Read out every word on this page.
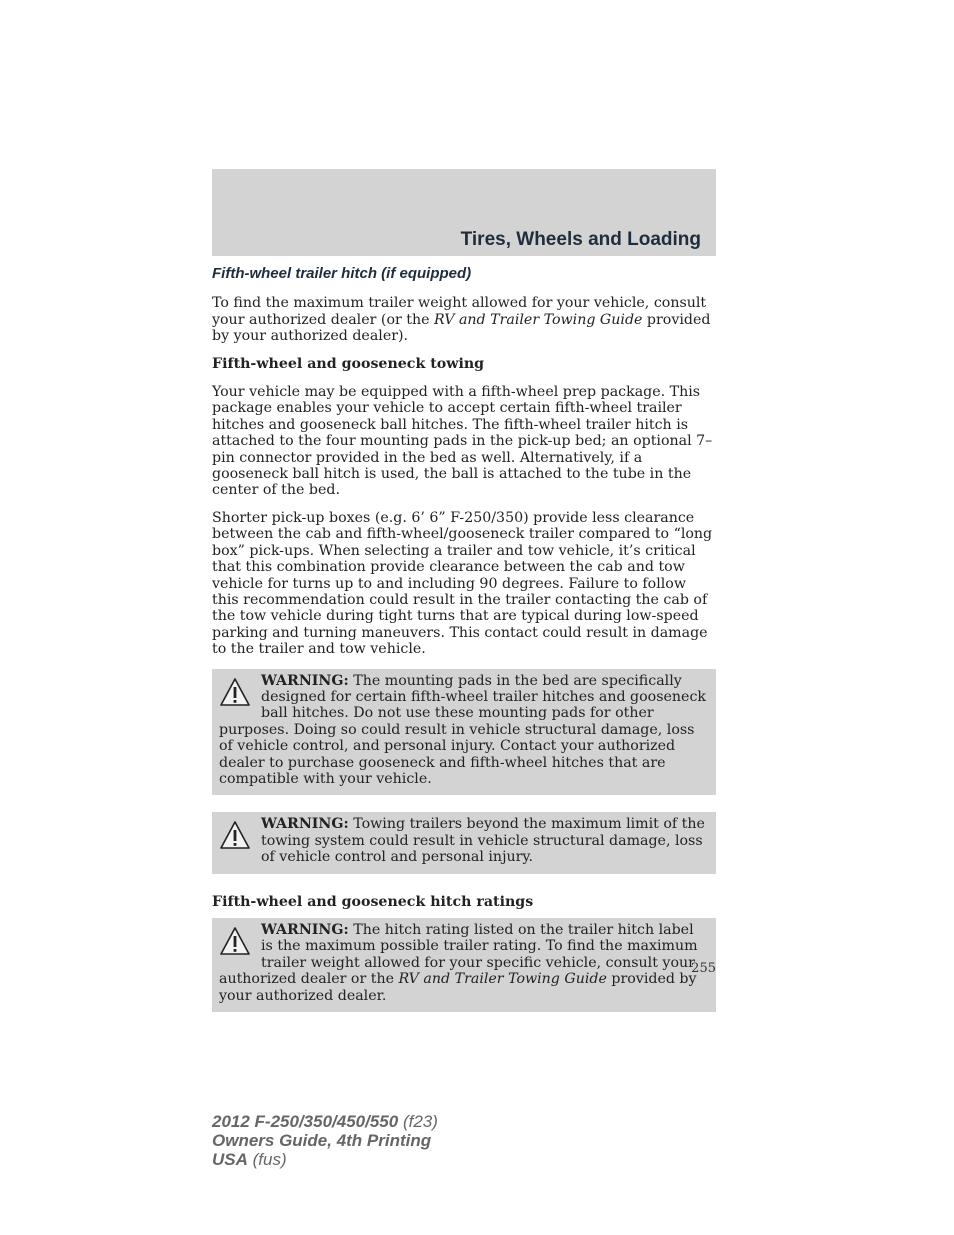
Tires, Wheels and Loading
Fifth-wheel trailer hitch (if equipped)

To find the maximum trailer weight allowed for your vehicle, consult your authorized dealer (or the RV and Trailer Towing Guide provided by your authorized dealer).

Fifth-wheel and gooseneck towing

Your vehicle may be equipped with a fifth-wheel prep package. This package enables your vehicle to accept certain fifth-wheel trailer hitches and gooseneck ball hitches. The fifth-wheel trailer hitch is attached to the four mounting pads in the pick-up bed; an optional 7–pin connector provided in the bed as well. Alternatively, if a gooseneck ball hitch is used, the ball is attached to the tube in the center of the bed.

Shorter pick-up boxes (e.g. 6’ 6” F-250/350) provide less clearance between the cab and fifth-wheel/gooseneck trailer compared to “long box” pick-ups. When selecting a trailer and tow vehicle, it’s critical that this combination provide clearance between the cab and tow vehicle for turns up to and including 90 degrees. Failure to follow this recommendation could result in the trailer contacting the cab of the tow vehicle during tight turns that are typical during low-speed parking and turning maneuvers. This contact could result in damage to the trailer and tow vehicle.

WARNING: The mounting pads in the bed are specifically designed for certain fifth-wheel trailer hitches and gooseneck ball hitches. Do not use these mounting pads for other purposes. Doing so could result in vehicle structural damage, loss of vehicle control, and personal injury. Contact your authorized dealer to purchase gooseneck and fifth-wheel hitches that are compatible with your vehicle.
WARNING: Towing trailers beyond the maximum limit of the towing system could result in vehicle structural damage, loss of vehicle control and personal injury.
Fifth-wheel and gooseneck hitch ratings
WARNING: The hitch rating listed on the trailer hitch label is the maximum possible trailer rating. To find the maximum trailer weight allowed for your specific vehicle, consult your authorized dealer or the RV and Trailer Towing Guide provided by your authorized dealer.
255
2012 F-250/350/450/550 (f23)
Owners Guide, 4th Printing
USA (fus)
